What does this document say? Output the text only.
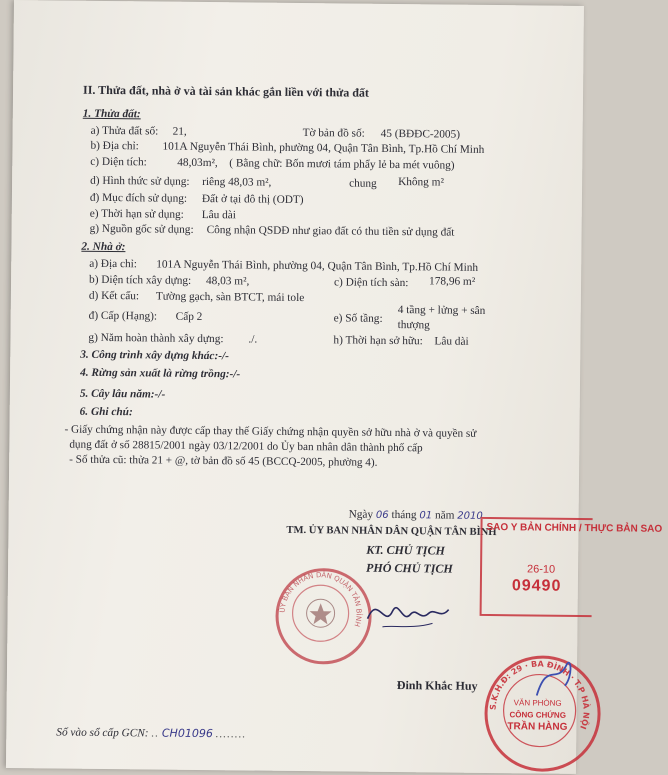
II. Thửa đất, nhà ở và tài sản khác gắn liền với thửa đất
1. Thửa đất:
a) Thửa đất số: 21,	Tờ bản đồ số: 45 (BĐĐC-2005)
b) Địa chỉ: 101A Nguyễn Thái Bình, phường 04, Quận Tân Bình, Tp.Hồ Chí Minh
c) Diện tích:	48,03m², ( Bằng chữ: Bốn mươi tám phẩy lẻ ba mét vuông)
d) Hình thức sử dụng: riêng 48,03 m²,	chung Không m²
đ) Mục đích sử dụng: Đất ở tại đô thị (ODT)
e) Thời hạn sử dụng: Lâu dài
g) Nguồn gốc sử dụng: Công nhận QSDĐ như giao đất có thu tiền sử dụng đất
2. Nhà ở:
a) Địa chỉ: 101A Nguyễn Thái Bình, phường 04, Quận Tân Bình, Tp.Hồ Chí Minh
b) Diện tích xây dựng: 48,03 m²,	c) Diện tích sàn: 178,96 m²
d) Kết cấu: Tường gạch, sàn BTCT, mái tole
đ) Cấp (Hạng): Cấp 2	e) Số tầng:
4 tầng + lửng + sân
thượng
g) Năm hoàn thành xây dựng: ./.	h) Thời hạn sở hữu: Lâu dài
3. Công trình xây dựng khác:-/-
4. Rừng sản xuất là rừng trồng:-/-
5. Cây lâu năm:-/-
6. Ghi chú:
- Giấy chứng nhận này được cấp thay thế Giấy chứng nhận quyền sở hữu nhà ở và quyền sử
dụng đất ở số 28815/2001 ngày 03/12/2001 do Ủy ban nhân dân thành phố cấp
- Số thửa cũ: thửa 21 + @, tờ bản đồ số 45 (BCCQ-2005, phường 4).
Ngày 06 tháng 01 năm 2010
TM. ỦY BAN NHÂN DÂN QUẬN TÂN BÌNH
KT. CHỦ TỊCH
PHÓ CHỦ TỊCH
ỦY BAN NHÂN DÂN QUẬN TÂN BÌNH
Đinh Khắc Huy
Số vào sổ cấp GCN: .. CH01096 ........
SAO Y BẢN CHÍNH / THỰC BẢN SAO
26-10
09490
S.K.H.Đ: 29 · BA ĐÌNH · T.P HÀ NỘI
VĂN PHÒNG
CÔNG CHỨNG
TRẦN HÀNG
